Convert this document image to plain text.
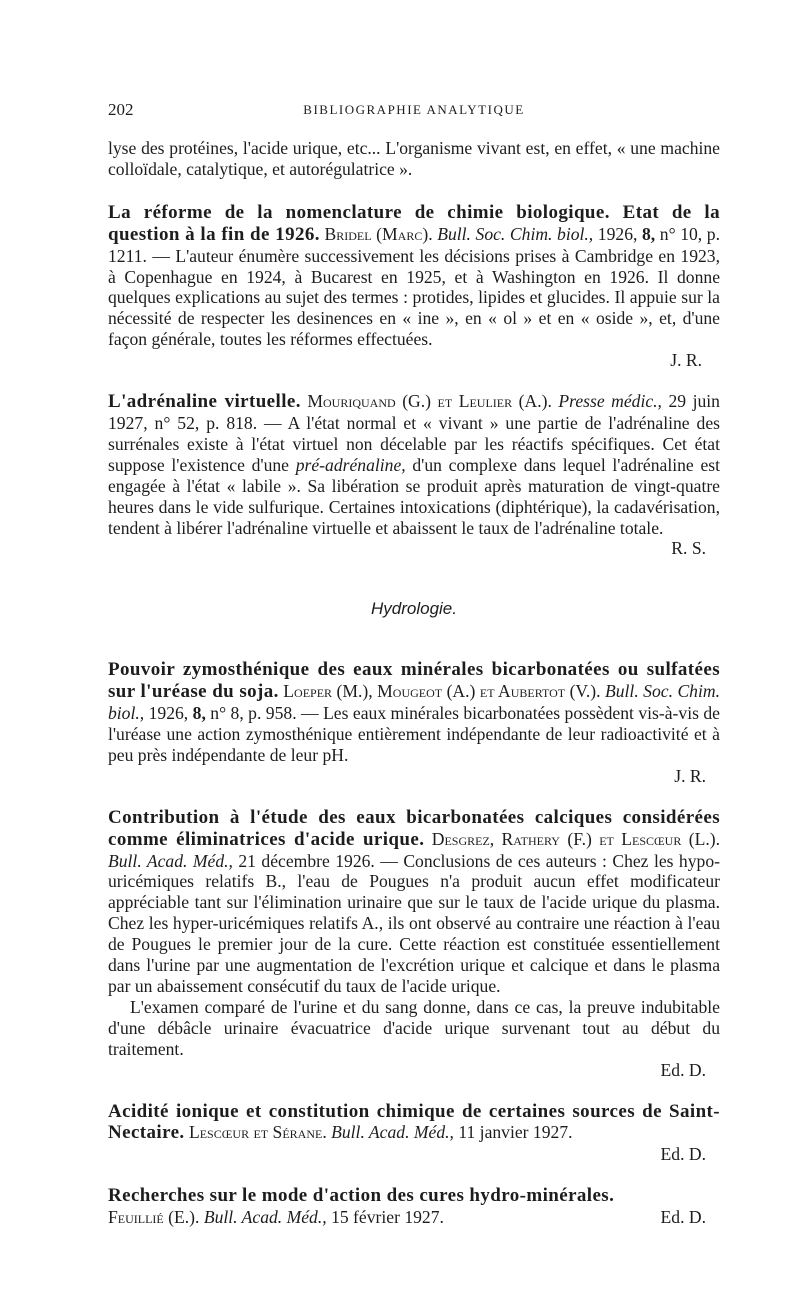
202	BIBLIOGRAPHIE ANALYTIQUE

lyse des protéines, l'acide urique, etc... L'organisme vivant est, en effet, « une machine colloïdale, catalytique, et autorégulatrice ».

La réforme de la nomenclature de chimie biologique. Etat de la question à la fin de 1926. Bridel (Marc). Bull. Soc. Chim. biol., 1926, 8, n° 10, p. 1211. — L'auteur énumère successivement les décisions prises à Cambridge en 1923, à Copenhague en 1924, à Bucarest en 1925, et à Washington en 1926. Il donne quelques explications au sujet des termes : protides, lipides et glucides. Il appuie sur la nécessité de respecter les desinences en « ine », en « ol » et en « oside », et, d'une façon générale, toutes les réformes effectuées.

J. R.

L'adrénaline virtuelle. Mouriquand (G.) et Leulier (A.). Presse médic., 29 juin 1927, n° 52, p. 818. — A l'état normal et « vivant » une partie de l'adrénaline des surrénales existe à l'état virtuel non décelable par les réactifs spécifiques. Cet état suppose l'existence d'une pré-adrénaline, d'un complexe dans lequel l'adrénaline est engagée à l'état « labile ». Sa libération se produit après maturation de vingt-quatre heures dans le vide sulfurique. Certaines intoxications (diphtérique), la cadavérisation, tendent à libérer l'adrénaline virtuelle et abaissent le taux de l'adrénaline totale.

R. S.

Hydrologie.

Pouvoir zymosthénique des eaux minérales bicarbonatées ou sulfatées sur l'uréase du soja. Loeper (M.), Mougeot (A.) et Aubertot (V.). Bull. Soc. Chim. biol., 1926, 8, n° 8, p. 958. — Les eaux minérales bicarbonatées possèdent vis-à-vis de l'uréase une action zymosthénique entièrement indépendante de leur radioactivité et à peu près indépendante de leur pH.

J. R.

Contribution à l'étude des eaux bicarbonatées calciques considérées comme éliminatrices d'acide urique. Desgrez, Rathery (F.) et Lescœur (L.). Bull. Acad. Méd., 21 décembre 1926. — Conclusions de ces auteurs : Chez les hypo-uricémiques relatifs B., l'eau de Pougues n'a produit aucun effet modificateur appréciable tant sur l'élimination urinaire que sur le taux de l'acide urique du plasma. Chez les hyper-uricémiques relatifs A., ils ont observé au contraire une réaction à l'eau de Pougues le premier jour de la cure. Cette réaction est constituée essentiellement dans l'urine par une augmentation de l'excrétion urique et calcique et dans le plasma par un abaissement consécutif du taux de l'acide urique.

L'examen comparé de l'urine et du sang donne, dans ce cas, la preuve indubitable d'une débâcle urinaire évacuatrice d'acide urique survenant tout au début du traitement.

Ed. D.

Acidité ionique et constitution chimique de certaines sources de Saint-Nectaire. Lescœur et Sérane. Bull. Acad. Méd., 11 janvier 1927.

Ed. D.

Recherches sur le mode d'action des cures hydro-minérales.

Feuillié (E.). Bull. Acad. Méd., 15 février 1927.	Ed. D.
